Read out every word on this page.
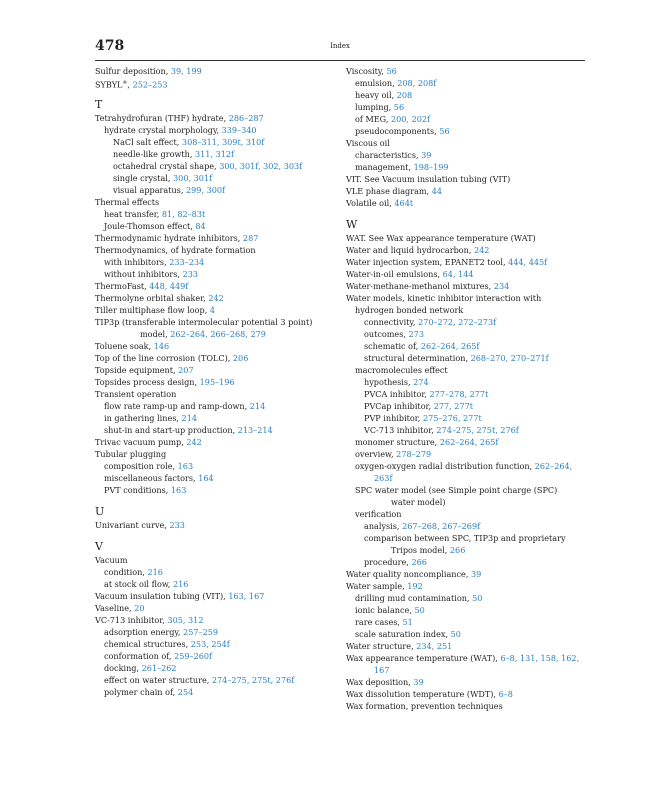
478	Index
Sulfur deposition, 39, 199
SYBYL®, 252–253
T
Tetrahydrofuran (THF) hydrate, 286–287
hydrate crystal morphology, 339–340
NaCl salt effect, 308–311, 309t, 310f
needle-like growth, 311, 312f
octahedral crystal shape, 300, 301f, 302, 303f
single crystal, 300, 301f
visual apparatus, 299, 300f
Thermal effects
heat transfer, 81, 82–83t
Joule-Thomson effect, 84
Thermodynamic hydrate inhibitors, 287
Thermodynamics, of hydrate formation
with inhibitors, 233–234
without inhibitors, 233
ThermoFast, 448, 449f
Thermolyne orbital shaker, 242
Tiller multiphase flow loop, 4
TIP3p (transferable intermolecular potential 3 point)
model, 262–264, 266–268, 279
Toluene soak, 146
Top of the line corrosion (TOLC), 206
Topside equipment, 207
Topsides process design, 195–196
Transient operation
flow rate ramp-up and ramp-down, 214
in gathering lines, 214
shut-in and start-up production, 213–214
Trivac vacuum pump, 242
Tubular plugging
composition role, 163
miscellaneous factors, 164
PVT conditions, 163
U
Univariant curve, 233
V
Vacuum
condition, 216
at stock oil flow, 216
Vacuum insulation tubing (VIT), 163, 167
Vaseline, 20
VC-713 inhibitor, 305, 312
adsorption energy, 257–259
chemical structures, 253, 254f
conformation of, 259–260f
docking, 261–262
effect on water structure, 274–275, 275t, 276f
polymer chain of, 254
Viscosity, 56
emulsion, 208, 208f
heavy oil, 208
lumping, 56
of MEG, 200, 202f
pseudocomponents, 56
Viscous oil
characteristics, 39
management, 198–199
VIT. See Vacuum insulation tubing (VIT)
VLE phase diagram, 44
Volatile oil, 464t
W
WAT. See Wax appearance temperature (WAT)
Water and liquid hydrocarbon, 242
Water injection system, EPANET2 tool, 444, 445f
Water-in-oil emulsions, 64, 144
Water-methane-methanol mixtures, 234
Water models, kinetic inhibitor interaction with
hydrogen bonded network
connectivity, 270–272, 272–273f
outcomes, 273
schematic of, 262–264, 265f
structural determination, 268–270, 270–271f
macromolecules effect
hypothesis, 274
PVCA inhibitor, 277–278, 277t
PVCap inhibitor, 277, 277t
PVP inhibitor, 275–276, 277t
VC-713 inhibitor, 274–275, 275t, 276f
monomer structure, 262–264, 265f
overview, 278–279
oxygen-oxygen radial distribution function, 262–264,
263f
SPC water model (see Simple point charge (SPC)
water model)
verification
analysis, 267–268, 267–269f
comparison between SPC, TIP3p and proprietary
Tripos model, 266
procedure, 266
Water quality noncompliance, 39
Water sample, 192
drilling mud contamination, 50
ionic balance, 50
rare cases, 51
scale saturation index, 50
Water structure, 234, 251
Wax appearance temperature (WAT), 6–8, 131, 158, 162,
167
Wax deposition, 39
Wax dissolution temperature (WDT), 6–8
Wax formation, prevention techniques
